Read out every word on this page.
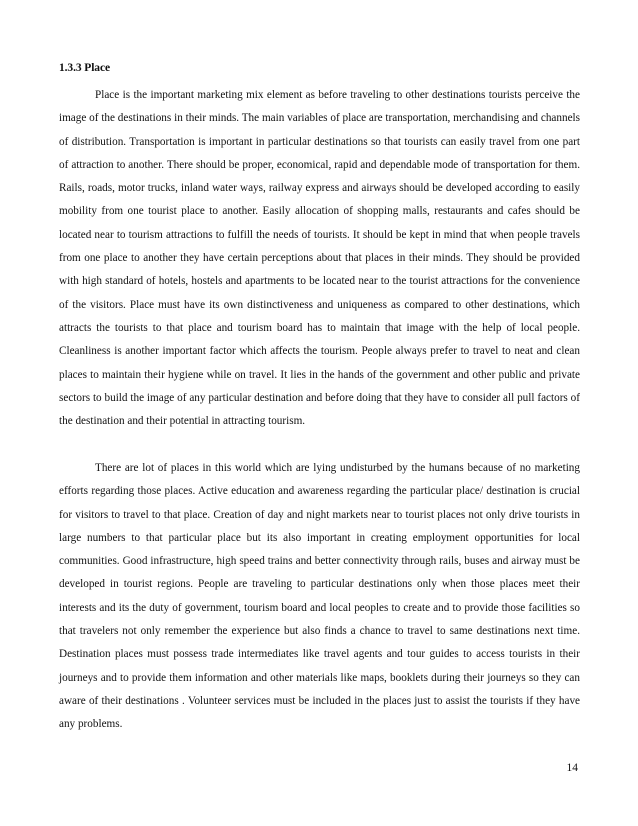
1.3.3 Place

Place is the important marketing mix element as before traveling to other destinations tourists perceive the image of the destinations in their minds. The main variables of place are transportation, merchandising and channels of distribution. Transportation is important in particular destinations so that tourists can easily travel from one part of attraction to another. There should be proper, economical, rapid and dependable mode of transportation for them. Rails, roads, motor trucks, inland water ways, railway express and airways should be developed according to easily mobility from one tourist place to another. Easily allocation of shopping malls, restaurants and cafes should be located near to tourism attractions to fulfill the needs of tourists. It should be kept in mind that when people travels from one place to another they have certain perceptions about that places in their minds. They should be provided with high standard of hotels, hostels and apartments to be located near to the tourist attractions for the convenience of the visitors. Place must have its own distinctiveness and uniqueness as compared to other destinations, which attracts the tourists to that place and tourism board has to maintain that image with the help of local people. Cleanliness is another important factor which affects the tourism. People always prefer to travel to neat and clean places to maintain their hygiene while on travel. It lies in the hands of the government and other public and private sectors to build the image of any particular destination and before doing that they have to consider all pull factors of the destination and their potential in attracting tourism.

There are lot of places in this world which are lying undisturbed by the humans because of no marketing efforts regarding those places. Active education and awareness regarding the particular place/ destination is crucial for visitors to travel to that place. Creation of day and night markets near to tourist places not only drive tourists in large numbers to that particular place but its also important in creating employment opportunities for local communities. Good infrastructure, high speed trains and better connectivity through rails, buses and airway must be developed in tourist regions. People are traveling to particular destinations only when those places meet their interests and its the duty of government, tourism board and local peoples to create and to provide those facilities so that travelers not only remember the experience but also finds a chance to travel to same destinations next time. Destination places must possess trade intermediates like travel agents and tour guides to access tourists in their journeys and to provide them information and other materials like maps, booklets during their journeys so they can aware of their destinations . Volunteer services must be included in the places just to assist the tourists if they have any problems.

14
